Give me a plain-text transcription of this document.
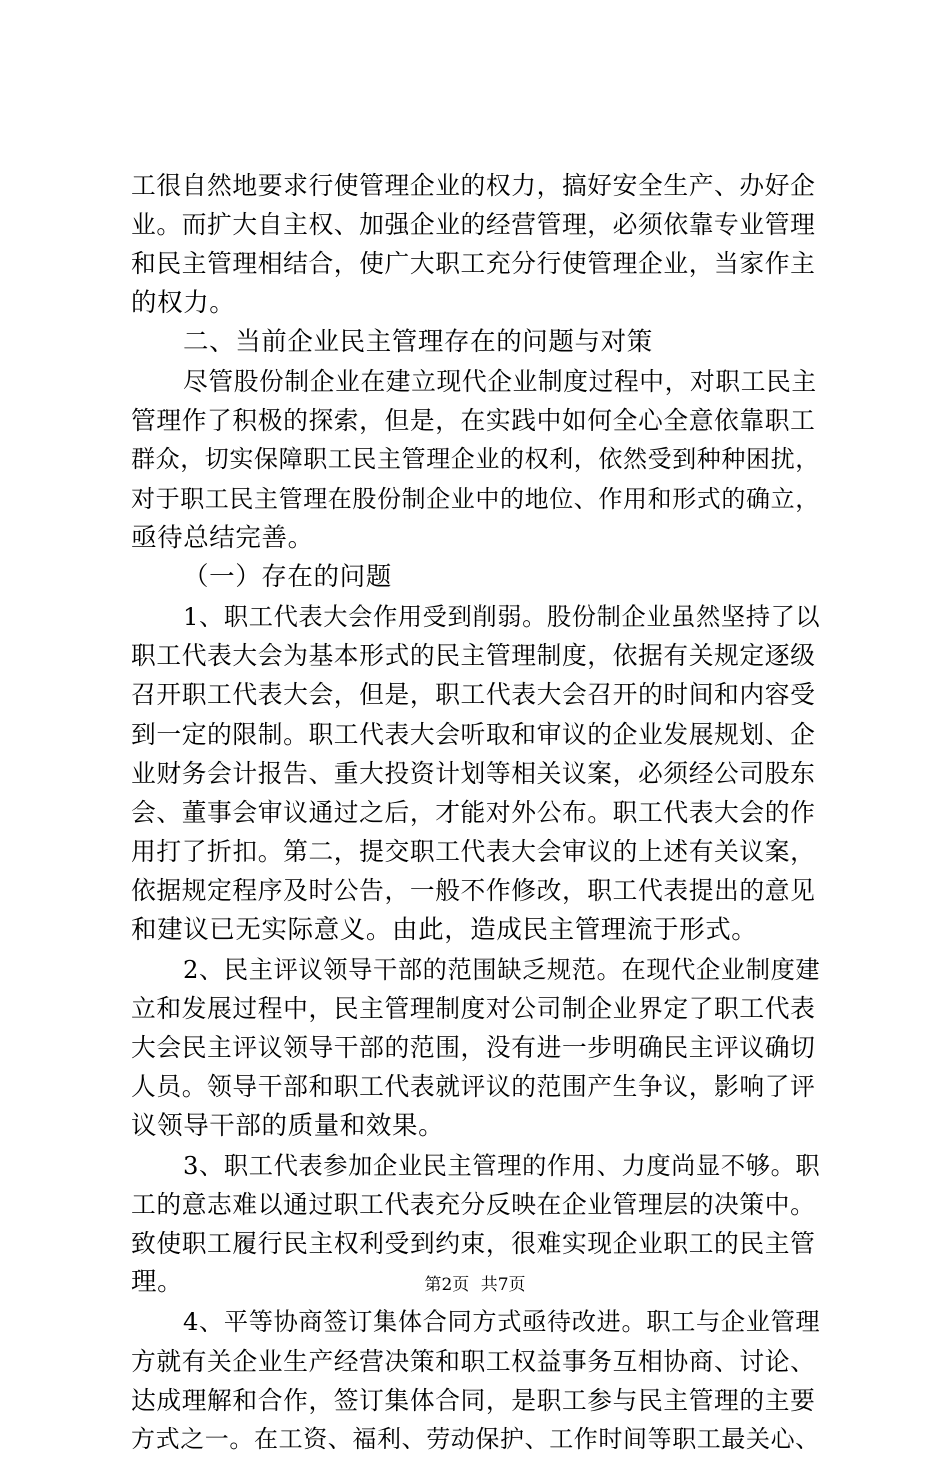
工很自然地要求行使管理企业的权力，搞好安全生产、办好企
业。而扩大自主权、加强企业的经营管理，必须依靠专业管理
和民主管理相结合，使广大职工充分行使管理企业，当家作主
的权力。
二、当前企业民主管理存在的问题与对策
尽管股份制企业在建立现代企业制度过程中，对职工民主
管理作了积极的探索，但是，在实践中如何全心全意依靠职工
群众，切实保障职工民主管理企业的权利，依然受到种种困扰，
对于职工民主管理在股份制企业中的地位、作用和形式的确立，
亟待总结完善。
（一）存在的问题
1、职工代表大会作用受到削弱。股份制企业虽然坚持了以
职工代表大会为基本形式的民主管理制度，依据有关规定逐级
召开职工代表大会，但是，职工代表大会召开的时间和内容受
到一定的限制。职工代表大会听取和审议的企业发展规划、企
业财务会计报告、重大投资计划等相关议案，必须经公司股东
会、董事会审议通过之后，才能对外公布。职工代表大会的作
用打了折扣。第二，提交职工代表大会审议的上述有关议案，
依据规定程序及时公告，一般不作修改，职工代表提出的意见
和建议已无实际意义。由此，造成民主管理流于形式。
2、民主评议领导干部的范围缺乏规范。在现代企业制度建
立和发展过程中，民主管理制度对公司制企业界定了职工代表
大会民主评议领导干部的范围，没有进一步明确民主评议确切
人员。领导干部和职工代表就评议的范围产生争议，影响了评
议领导干部的质量和效果。
3、职工代表参加企业民主管理的作用、力度尚显不够。职
工的意志难以通过职工代表充分反映在企业管理层的决策中。
致使职工履行民主权利受到约束，很难实现企业职工的民主管
理。
4、平等协商签订集体合同方式亟待改进。职工与企业管理
方就有关企业生产经营决策和职工权益事务互相协商、讨论、
达成理解和合作，签订集体合同，是职工参与民主管理的主要
方式之一。在工资、福利、劳动保护、工作时间等职工最关心、
第2页 共7页
